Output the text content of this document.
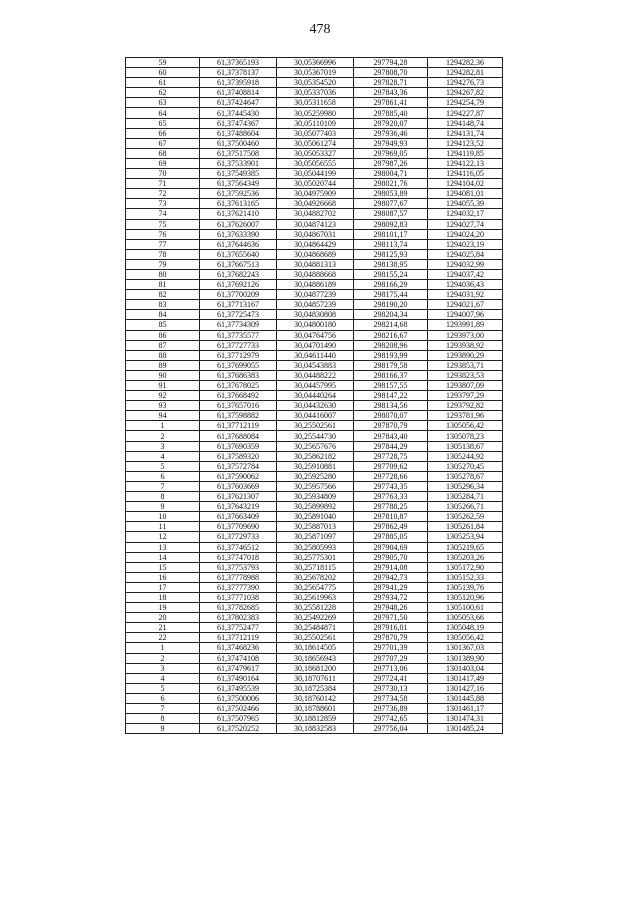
478
59	61,37365193	30,05366996	297794,28	1294282,36
60	61,37378137	30,05367019	297808,70	1294282,81
61	61,37395918	30,05354520	297828,71	1294276,73
62	61,37408814	30,05337036	297843,36	1294267,82
63	61,37424647	30,05311658	297861,41	1294254,79
64	61,37445430	30,05259980	297885,40	1294227,87
65	61,37474367	30,05110109	297920,07	1294148,74
66	61,37488604	30,05077403	297936,46	1294131,74
67	61,37500460	30,05061274	297949,93	1294123,52
68	61,37517508	30,05053327	297969,05	1294119,85
69	61,37533901	30,05056555	297987,26	1294122,13
70	61,37549385	30,05044199	298004,71	1294116,05
71	61,37564349	30,05020744	298021,76	1294104,02
72	61,37592536	30,04975909	298053,89	1294081,01
73	61,37613165	30,04926668	298077,67	1294055,39
74	61,37621410	30,04882702	298087,57	1294032,17
75	61,37626007	30,04874123	298092,83	1294027,74
76	61,37633390	30,04867031	298101,17	1294024,20
77	61,37644636	30,04864429	298113,74	1294023,19
78	61,37655640	30,04868689	298125,93	1294025,84
79	61,37667513	30,04881313	298138,95	1294032,99
80	61,37682243	30,04888668	298155,24	1294037,42
81	61,37692126	30,04886189	298166,29	1294036,43
82	61,37700209	30,04877239	298175,44	1294031,92
83	61,37713167	30,04857239	298190,20	1294021,67
84	61,37725473	30,04830808	298204,34	1294007,96
85	61,37734309	30,04800180	298214,68	1293991,89
86	61,37735577	30,04764756	298216,67	1293973,00
87	61,37727733	30,04701490	298208,96	1293938,92
88	61,37712979	30,04611440	298193,99	1293890,29
89	61,37699055	30,04543883	298179,58	1293853,71
90	61,37686383	30,04488222	298166,37	1293823,53
91	61,37678025	30,04457995	298157,55	1293807,09
92	61,37668492	30,04440264	298147,22	1293797,29
93	61,37657016	30,04432630	298134,56	1293792,82
94	61,37598882	30,04416007	298070,07	1293781,96
1	61,37712119	30,25502561	297870,79	1305056,42
2	61,37688084	30,25544730	297843,40	1305078,23
3	61,37690359	30,25657676	297844,29	1305138,67
4	61,37589320	30,25862182	297728,75	1305244,92
5	61,37572784	30,25910881	297709,62	1305270,45
6	61,37590062	30,25925280	297728,66	1305278,67
7	61,37603669	30,25957566	297743,35	1305296,34
8	61,37621307	30,25934809	297763,33	1305284,71
9	61,37643219	30,25899892	297788,25	1305266,71
10	61,37663409	30,25891040	297810,87	1305262,59
11	61,37709690	30,25887013	297862,49	1305261,84
12	61,37729733	30,25871097	297885,05	1305253,94
13	61,37746512	30,25805993	297904,69	1305219,65
14	61,37747018	30,25775301	297905,70	1305203,26
15	61,37753793	30,25718115	297914,08	1305172,90
16	61,37778988	30,25678202	297942,73	1305152,33
17	61,37777390	30,25654775	297941,29	1305139,76
18	61,37771038	30,25619963	297934,72	1305120,96
19	61,37782685	30,25581228	297948,26	1305100,61
20	61,37802383	30,25492269	297971,50	1305053,66
21	61,37752477	30,25484871	297916,01	1305048,19
22	61,37712119	30,25502561	297870,79	1305056,42
1	61,37468236	30,18614505	297701,39	1301367,03
2	61,37474108	30,18656943	297707,29	1301389,90
3	61,37479617	30,18681200	297713,06	1301403,04
4	61,37490164	30,18707611	297724,41	1301417,49
5	61,37495539	30,18725384	297730,13	1301427,16
6	61,37500006	30,18760142	297734,58	1301445,88
7	61,37502466	30,18788601	297736,89	1301461,17
8	61,37507965	30,18812859	297742,65	1301474,31
9	61,37520252	30,18832583	297756,04	1301485,24
